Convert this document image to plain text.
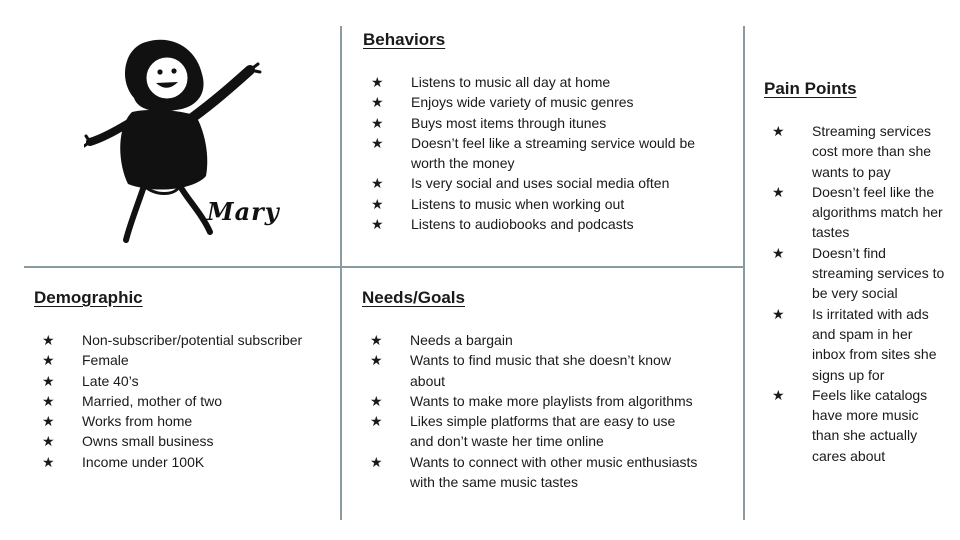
Mary
Behaviors
★	Listens to music all day at home
★	Enjoys wide variety of music genres
★	Buys most items through itunes
★	Doesn’t feel like a streaming service would be worth the money
★	Is very social and uses social media often
★	Listens to music when working out
★	Listens to audiobooks and podcasts
Pain Points
★	Streaming services cost more than she wants to pay
★	Doesn’t feel like the algorithms match her tastes
★	Doesn’t find streaming services to be very social
★	Is irritated with ads and spam in her inbox from sites she signs up for
★	Feels like catalogs have more music than she actually cares about
Demographic
★	Non-subscriber/potential subscriber
★	Female
★	Late 40’s
★	Married, mother of two
★	Works from home
★	Owns small business
★	Income under 100K
Needs/Goals
★	Needs a bargain
★	Wants to find music that she doesn’t know about
★	Wants to make more playlists from algorithms
★	Likes simple platforms that are easy to use and don’t waste her time online
★	Wants to connect with other music enthusiasts with the same music tastes
